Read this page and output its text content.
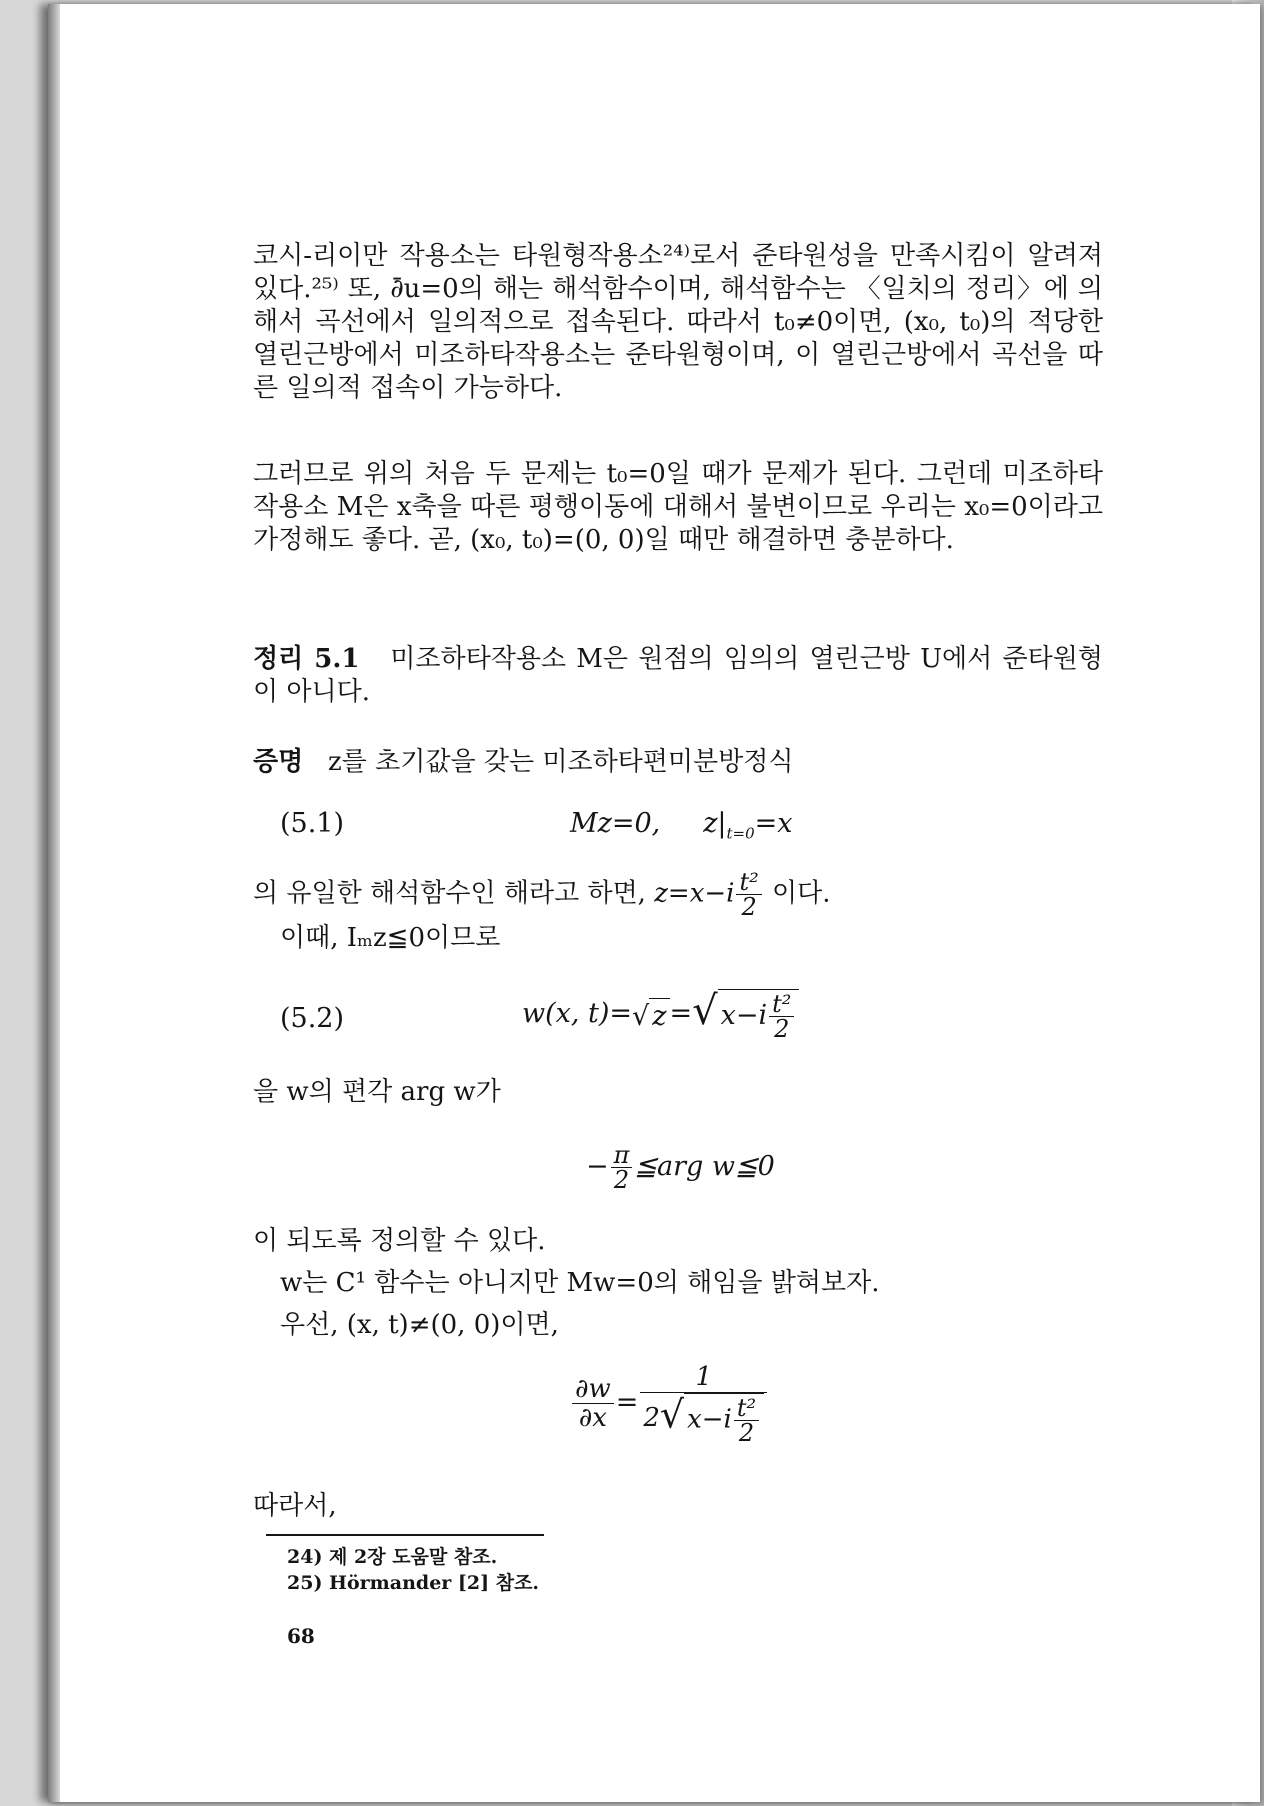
코시-리이만 작용소는 타원형작용소²⁴⁾로서 준타원성을 만족시킴이 알려져 있다.²⁵⁾ 또, ∂̄u=0의 해는 해석함수이며, 해석함수는 〈일치의 정리〉에 의해서 곡선에서 일의적으로 접속된다. 따라서 t₀≠0이면, (x₀, t₀)의 적당한 열린근방에서 미조하타작용소는 준타원형이며, 이 열린근방에서 곡선을 따른 일의적 접속이 가능하다.
그러므로 위의 처음 두 문제는 t₀=0일 때가 문제가 된다. 그런데 미조하타작용소 M은 x축을 따른 평행이동에 대해서 불변이므로 우리는 x₀=0이라고 가정해도 좋다. 곧, (x₀, t₀)=(0, 0)일 때만 해결하면 충분하다.
정리 5.1 미조하타작용소 M은 원점의 임의의 열린근방 U에서 준타원형이 아니다.
증명 z를 초기값을 갖는 미조하타편미분방정식
(5.1)	Mz=0, $z|_{t=0}=x$
의 유일한 해석함수인 해라고 하면, $z=x-i \frac{\text{t²}}{2}$ 이다.
이때, Iₘz≦0이므로
(5.2)	w(x, t)=√ z =√ $x-i \frac{\text{t²}}{2}$
을 w의 편각 arg w가
− $\frac{\pi}{2}$ ≦arg w≦0
이 되도록 정의할 수 있다.
w는 C¹ 함수는 아니지만 Mw=0의 해임을 밝혀보자.
우선, (x, t)≠(0, 0)이면,
$\frac{\partial w}{\partial x} = \frac{1}{2√ x-i \frac{\text{t²}}{2}}$
따라서,
24) 제 2장 도움말 참조.
25) Hörmander [2] 참조.
68
